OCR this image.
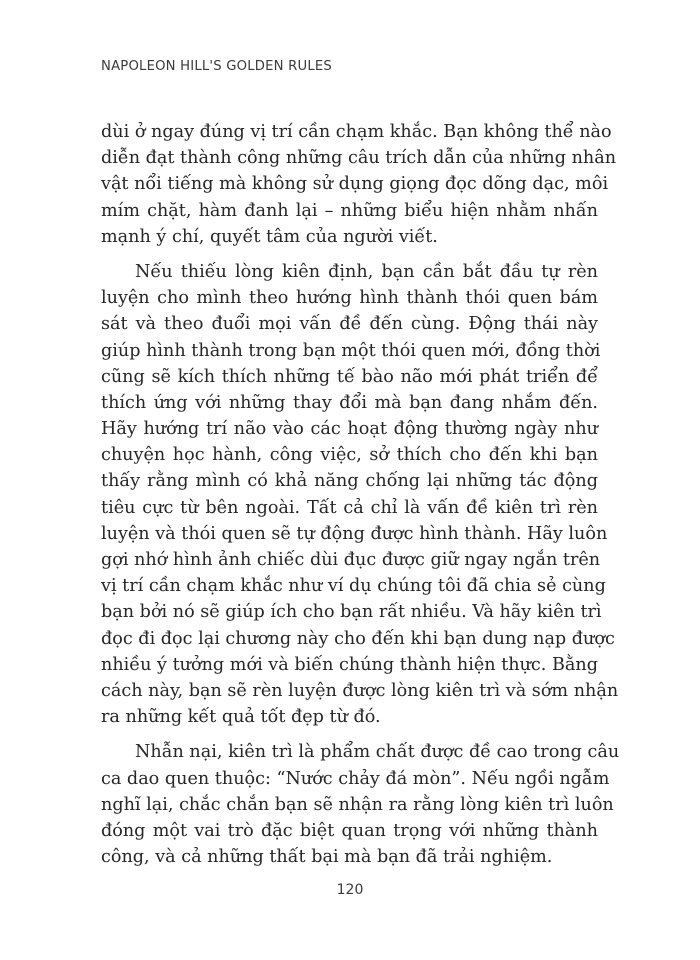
NAPOLEON HILL'S GOLDEN RULES
dùi ở ngay đúng vị trí cần chạm khắc. Bạn không thể nào
diễn đạt thành công những câu trích dẫn của những nhân
vật nổi tiếng mà không sử dụng giọng đọc dõng dạc, môi
mím chặt, hàm đanh lại – những biểu hiện nhằm nhấn
mạnh ý chí, quyết tâm của người viết.
Nếu thiếu lòng kiên định, bạn cần bắt đầu tự rèn
luyện cho mình theo hướng hình thành thói quen bám
sát và theo đuổi mọi vấn đề đến cùng. Động thái này
giúp hình thành trong bạn một thói quen mới, đồng thời
cũng sẽ kích thích những tế bào não mới phát triển để
thích ứng với những thay đổi mà bạn đang nhắm đến.
Hãy hướng trí não vào các hoạt động thường ngày như
chuyện học hành, công việc, sở thích cho đến khi bạn
thấy rằng mình có khả năng chống lại những tác động
tiêu cực từ bên ngoài. Tất cả chỉ là vấn đề kiên trì rèn
luyện và thói quen sẽ tự động được hình thành. Hãy luôn
gợi nhớ hình ảnh chiếc dùi đục được giữ ngay ngắn trên
vị trí cần chạm khắc như ví dụ chúng tôi đã chia sẻ cùng
bạn bởi nó sẽ giúp ích cho bạn rất nhiều. Và hãy kiên trì
đọc đi đọc lại chương này cho đến khi bạn dung nạp được
nhiều ý tưởng mới và biến chúng thành hiện thực. Bằng
cách này, bạn sẽ rèn luyện được lòng kiên trì và sớm nhận
ra những kết quả tốt đẹp từ đó.
Nhẫn nại, kiên trì là phẩm chất được đề cao trong câu
ca dao quen thuộc: “Nước chảy đá mòn”. Nếu ngồi ngẫm
nghĩ lại, chắc chắn bạn sẽ nhận ra rằng lòng kiên trì luôn
đóng một vai trò đặc biệt quan trọng với những thành
công, và cả những thất bại mà bạn đã trải nghiệm.
120
